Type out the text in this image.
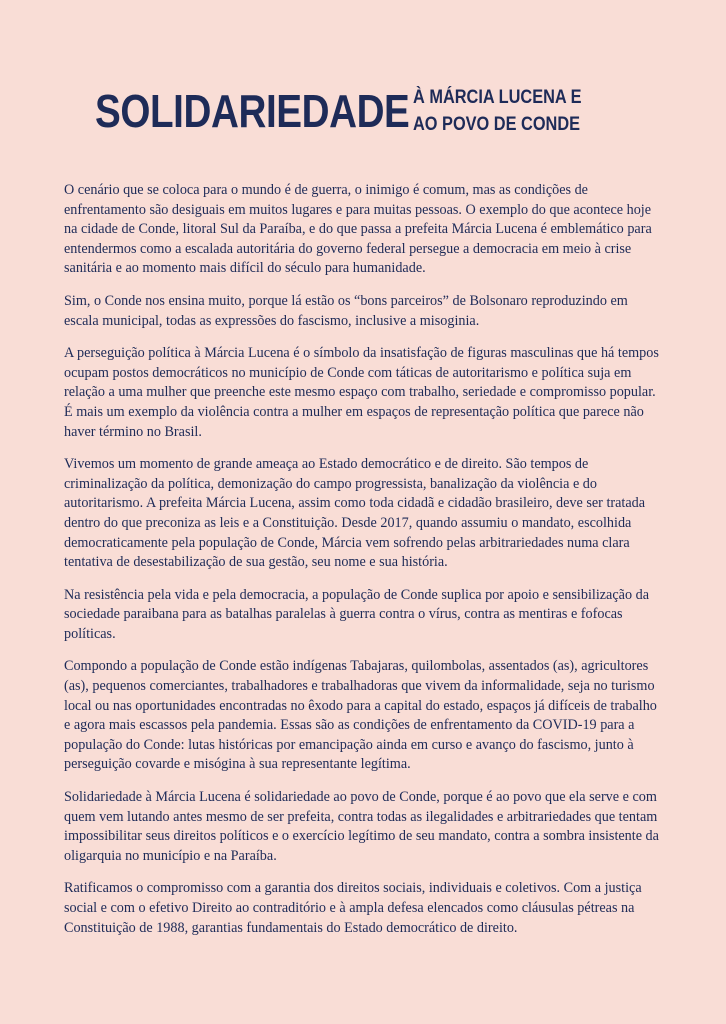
SOLIDARIEDADE À MÁRCIA LUCENA E
AO POVO DE CONDE

O cenário que se coloca para o mundo é de guerra, o inimigo é comum, mas as condições de enfrentamento são desiguais em muitos lugares e para muitas pessoas. O exemplo do que acontece hoje na cidade de Conde, litoral Sul da Paraíba, e do que passa a prefeita Márcia Lucena é emblemático para entendermos como a escalada autoritária do governo federal persegue a democracia em meio à crise sanitária e ao momento mais difícil do século para humanidade.

Sim, o Conde nos ensina muito, porque lá estão os “bons parceiros” de Bolsonaro reproduzindo em escala municipal, todas as expressões do fascismo, inclusive a misoginia.

A perseguição política à Márcia Lucena é o símbolo da insatisfação de figuras masculinas que há tempos ocupam postos democráticos no município de Conde com táticas de autoritarismo e política suja em relação a uma mulher que preenche este mesmo espaço com trabalho, seriedade e compromisso popular. É mais um exemplo da violência contra a mulher em espaços de representação política que parece não haver término no Brasil.

Vivemos um momento de grande ameaça ao Estado democrático e de direito. São tempos de criminalização da política, demonização do campo progressista, banalização da violência e do autoritarismo. A prefeita Márcia Lucena, assim como toda cidadã e cidadão brasileiro, deve ser tratada dentro do que preconiza as leis e a Constituição. Desde 2017, quando assumiu o mandato, escolhida democraticamente pela população de Conde, Márcia vem sofrendo pelas arbitrariedades numa clara tentativa de desestabilização de sua gestão, seu nome e sua história.

Na resistência pela vida e pela democracia, a população de Conde suplica por apoio e sensibilização da sociedade paraibana para as batalhas paralelas à guerra contra o vírus, contra as mentiras e fofocas políticas.

Compondo a população de Conde estão indígenas Tabajaras, quilombolas, assentados (as), agricultores (as), pequenos comerciantes, trabalhadores e trabalhadoras que vivem da informalidade, seja no turismo local ou nas oportunidades encontradas no êxodo para a capital do estado, espaços já difíceis de trabalho e agora mais escassos pela pandemia. Essas são as condições de enfrentamento da COVID-19 para a população do Conde: lutas históricas por emancipação ainda em curso e avanço do fascismo, junto à perseguição covarde e misógina à sua representante legítima.

Solidariedade à Márcia Lucena é solidariedade ao povo de Conde, porque é ao povo que ela serve e com quem vem lutando antes mesmo de ser prefeita, contra todas as ilegalidades e arbitrariedades que tentam impossibilitar seus direitos políticos e o exercício legítimo de seu mandato, contra a sombra insistente da oligarquia no município e na Paraíba.

Ratificamos o compromisso com a garantia dos direitos sociais, individuais e coletivos. Com a justiça social e com o efetivo Direito ao contraditório e à ampla defesa elencados como cláusulas pétreas na Constituição de 1988, garantias fundamentais do Estado democrático de direito.
